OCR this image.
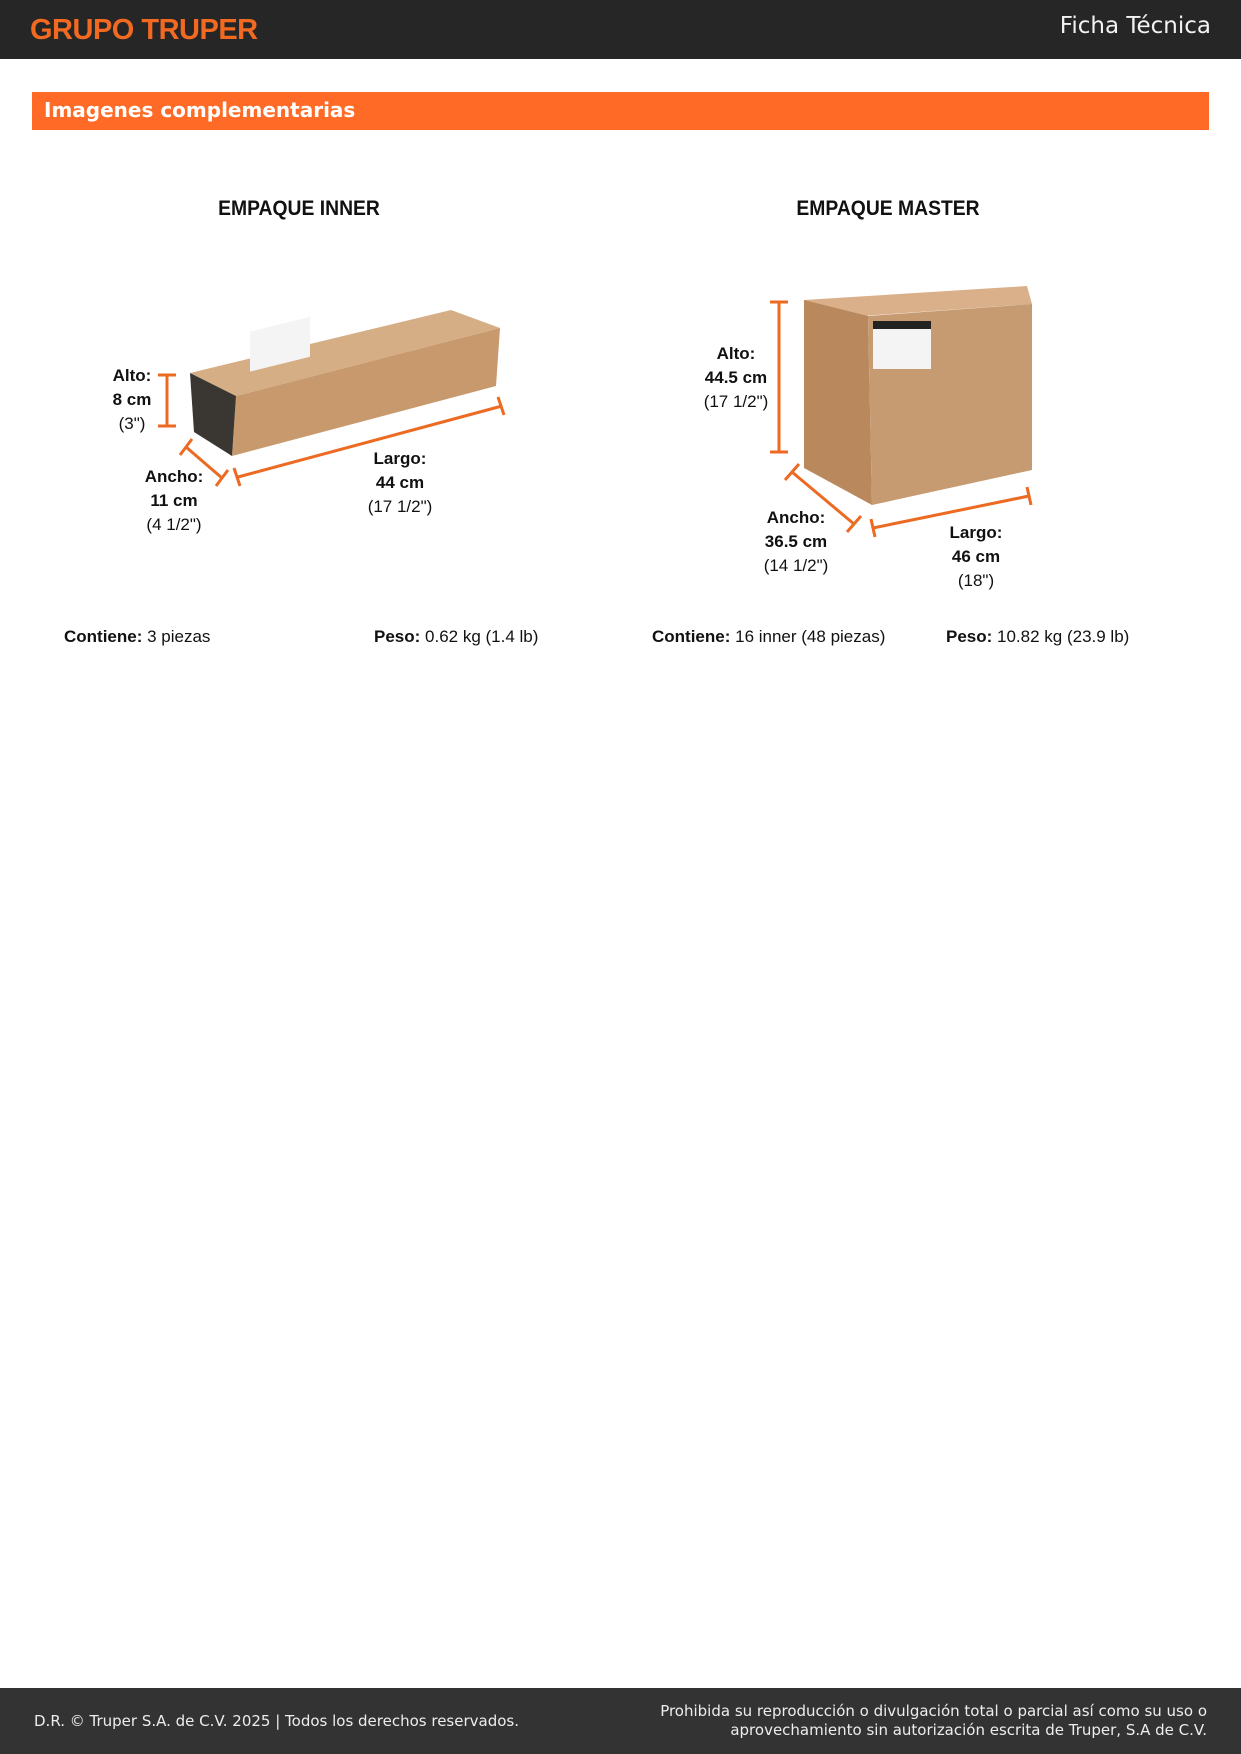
GRUPO TRUPER	Ficha Técnica
Imagenes complementarias
EMPAQUE INNER
Alto:
8 cm
(3")
Ancho:
11 cm
(4 1/2")
Largo:
44 cm
(17 1/2")
Contiene: 3 piezas	Peso: 0.62 kg (1.4 lb)
EMPAQUE MASTER
Alto:
44.5 cm
(17 1/2")
Ancho:
36.5 cm
(14 1/2")
Largo:
46 cm
(18")
Contiene: 16 inner (48 piezas)	Peso: 10.82 kg (23.9 lb)
D.R. © Truper S.A. de C.V. 2025 | Todos los derechos reservados.
Prohibida su reproducción o divulgación total o parcial así como su uso o
aprovechamiento sin autorización escrita de Truper, S.A de C.V.
